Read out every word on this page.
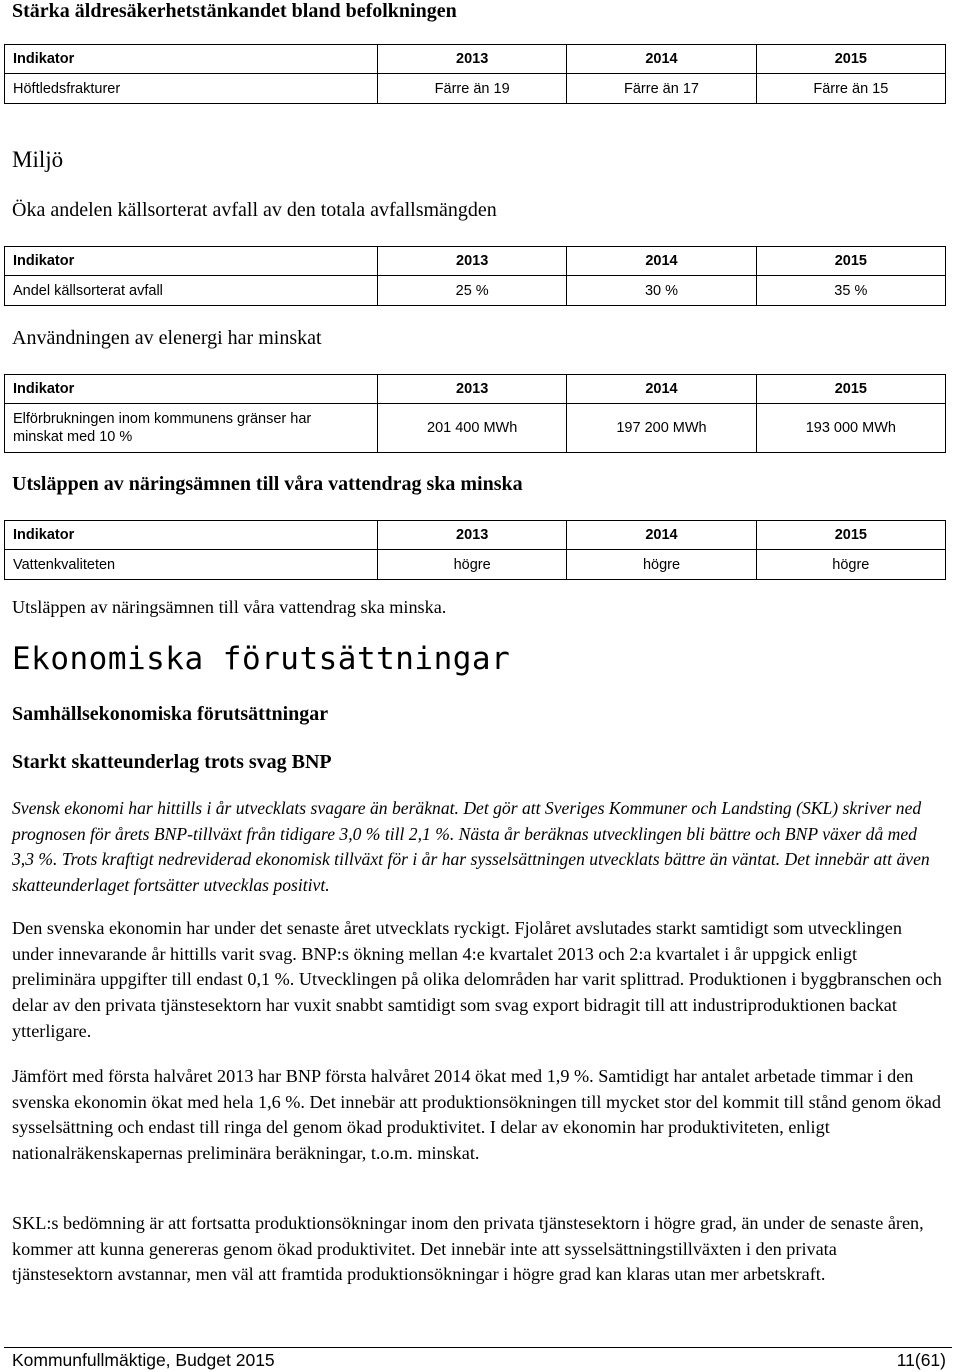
Stärka äldresäkerhetstänkandet bland befolkningen
Indikator	2013	2014	2015
Höftledsfrakturer	Färre än 19	Färre än 17	Färre än 15
Miljö
Öka andelen källsorterat avfall av den totala avfallsmängden
Indikator	2013	2014	2015
Andel källsorterat avfall	25 %	30 %	35 %
Användningen av elenergi har minskat
Indikator	2013	2014	2015
Elförbrukningen inom kommunens gränser har
minskat med 10 %	201 400 MWh	197 200 MWh	193 000 MWh
Utsläppen av näringsämnen till våra vattendrag ska minska
Indikator	2013	2014	2015
Vattenkvaliteten	högre	högre	högre
Utsläppen av näringsämnen till våra vattendrag ska minska.
Ekonomiska förutsättningar
Samhällsekonomiska förutsättningar
Starkt skatteunderlag trots svag BNP

Svensk ekonomi har hittills i år utvecklats svagare än beräknat. Det gör att Sveriges Kommuner och Landsting (SKL) skriver ned prognosen för årets BNP-tillväxt från tidigare 3,0 % till 2,1 %. Nästa år beräknas utvecklingen bli bättre och BNP växer då med 3,3 %. Trots kraftigt nedreviderad ekonomisk tillväxt för i år har sysselsättningen utvecklats bättre än väntat. Det innebär att även skatteunderlaget fortsätter utvecklas positivt.

Den svenska ekonomin har under det senaste året utvecklats ryckigt. Fjolåret avslutades starkt samtidigt som utvecklingen under innevarande år hittills varit svag. BNP:s ökning mellan 4:e kvartalet 2013 och 2:a kvartalet i år uppgick enligt preliminära uppgifter till endast 0,1 %. Utvecklingen på olika delområden har varit splittrad. Produktionen i byggbranschen och delar av den privata tjänstesektorn har vuxit snabbt samtidigt som svag export bidragit till att industriproduktionen backat ytterligare.

Jämfört med första halvåret 2013 har BNP första halvåret 2014 ökat med 1,9 %. Samtidigt har antalet arbetade timmar i den svenska ekonomin ökat med hela 1,6 %. Det innebär att produktionsökningen till mycket stor del kommit till stånd genom ökad sysselsättning och endast till ringa del genom ökad produktivitet. I delar av ekonomin har produktiviteten, enligt nationalräkenskapernas preliminära beräkningar, t.o.m. minskat.

SKL:s bedömning är att fortsatta produktionsökningar inom den privata tjänstesektorn i högre grad, än under de senaste åren, kommer att kunna genereras genom ökad produktivitet. Det innebär inte att sysselsättningstillväxten i den privata tjänstesektorn avstannar, men väl att framtida produktionsökningar i högre grad kan klaras utan mer arbetskraft.

Kommunfullmäktige, Budget 2015	11(61)
